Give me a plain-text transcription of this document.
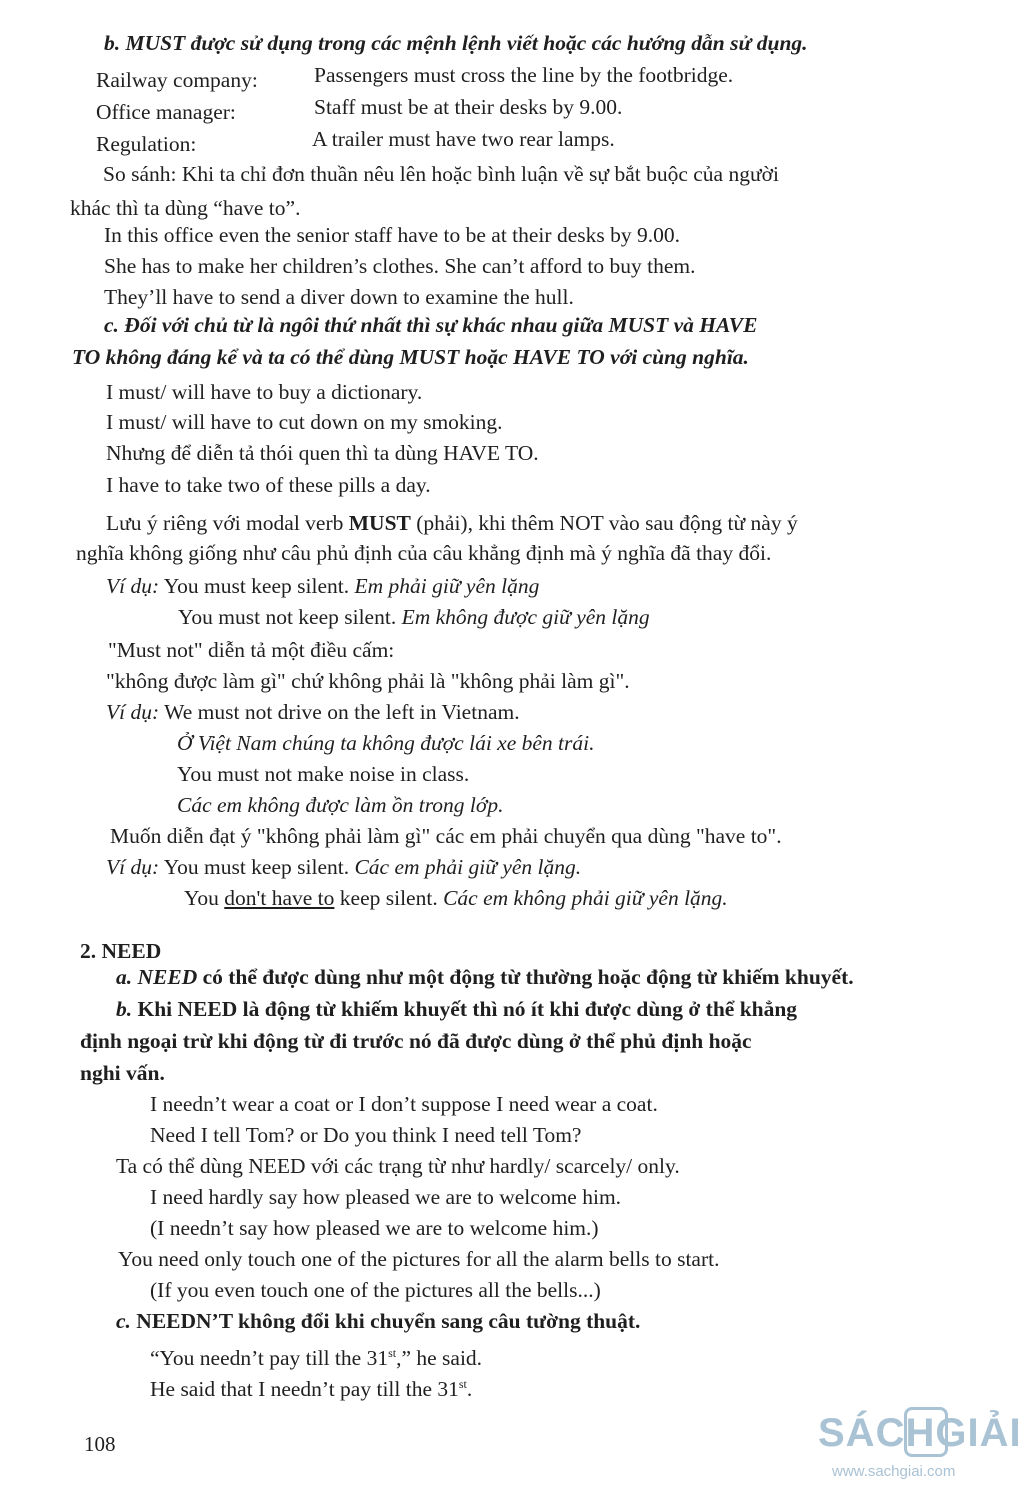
b. MUST được sử dụng trong các mệnh lệnh viết hoặc các hướng dẫn sử dụng.
Railway company:	Passengers must cross the line by the footbridge.
Office manager:	Staff must be at their desks by 9.00.
Regulation:	A trailer must have two rear lamps.
So sánh: Khi ta chỉ đơn thuần nêu lên hoặc bình luận về sự bắt buộc của người
khác thì ta dùng “have to”.
In this office even the senior staff have to be at their desks by 9.00.
She has to make her children’s clothes. She can’t afford to buy them.
They’ll have to send a diver down to examine the hull.
c. Đối với chủ từ là ngôi thứ nhất thì sự khác nhau giữa MUST và HAVE
TO không đáng kể và ta có thể dùng MUST hoặc HAVE TO với cùng nghĩa.
I must/ will have to buy a dictionary.
I must/ will have to cut down on my smoking.
Nhưng để diễn tả thói quen thì ta dùng HAVE TO.
I have to take two of these pills a day.
Lưu ý riêng với modal verb MUST (phải), khi thêm NOT vào sau động từ này ý
nghĩa không giống như câu phủ định của câu khẳng định mà ý nghĩa đã thay đổi.
Ví dụ: You must keep silent. Em phải giữ yên lặng
You must not keep silent. Em không được giữ yên lặng
"Must not" diễn tả một điều cấm:
"không được làm gì" chứ không phải là "không phải làm gì".
Ví dụ: We must not drive on the left in Vietnam.
Ở Việt Nam chúng ta không được lái xe bên trái.
You must not make noise in class.
Các em không được làm ồn trong lớp.
Muốn diễn đạt ý "không phải làm gì" các em phải chuyển qua dùng "have to".
Ví dụ: You must keep silent. Các em phải giữ yên lặng.
You don't have to keep silent. Các em không phải giữ yên lặng.
2. NEED
a. NEED có thể được dùng như một động từ thường hoặc động từ khiếm khuyết.
b. Khi NEED là động từ khiếm khuyết thì nó ít khi được dùng ở thể khẳng
định ngoại trừ khi động từ đi trước nó đã được dùng ở thể phủ định hoặc
nghi vấn.
I needn’t wear a coat or I don’t suppose I need wear a coat.
Need I tell Tom? or Do you think I need tell Tom?
Ta có thể dùng NEED với các trạng từ như hardly/ scarcely/ only.
I need hardly say how pleased we are to welcome him.
(I needn’t say how pleased we are to welcome him.)
You need only touch one of the pictures for all the alarm bells to start.
(If you even touch one of the pictures all the bells...)
c. NEEDN’T không đổi khi chuyển sang câu tường thuật.
“You needn’t pay till the 31st,” he said.
He said that I needn’t pay till the 31st.
108	SÁCHGIẢI
www.sachgiai.com
